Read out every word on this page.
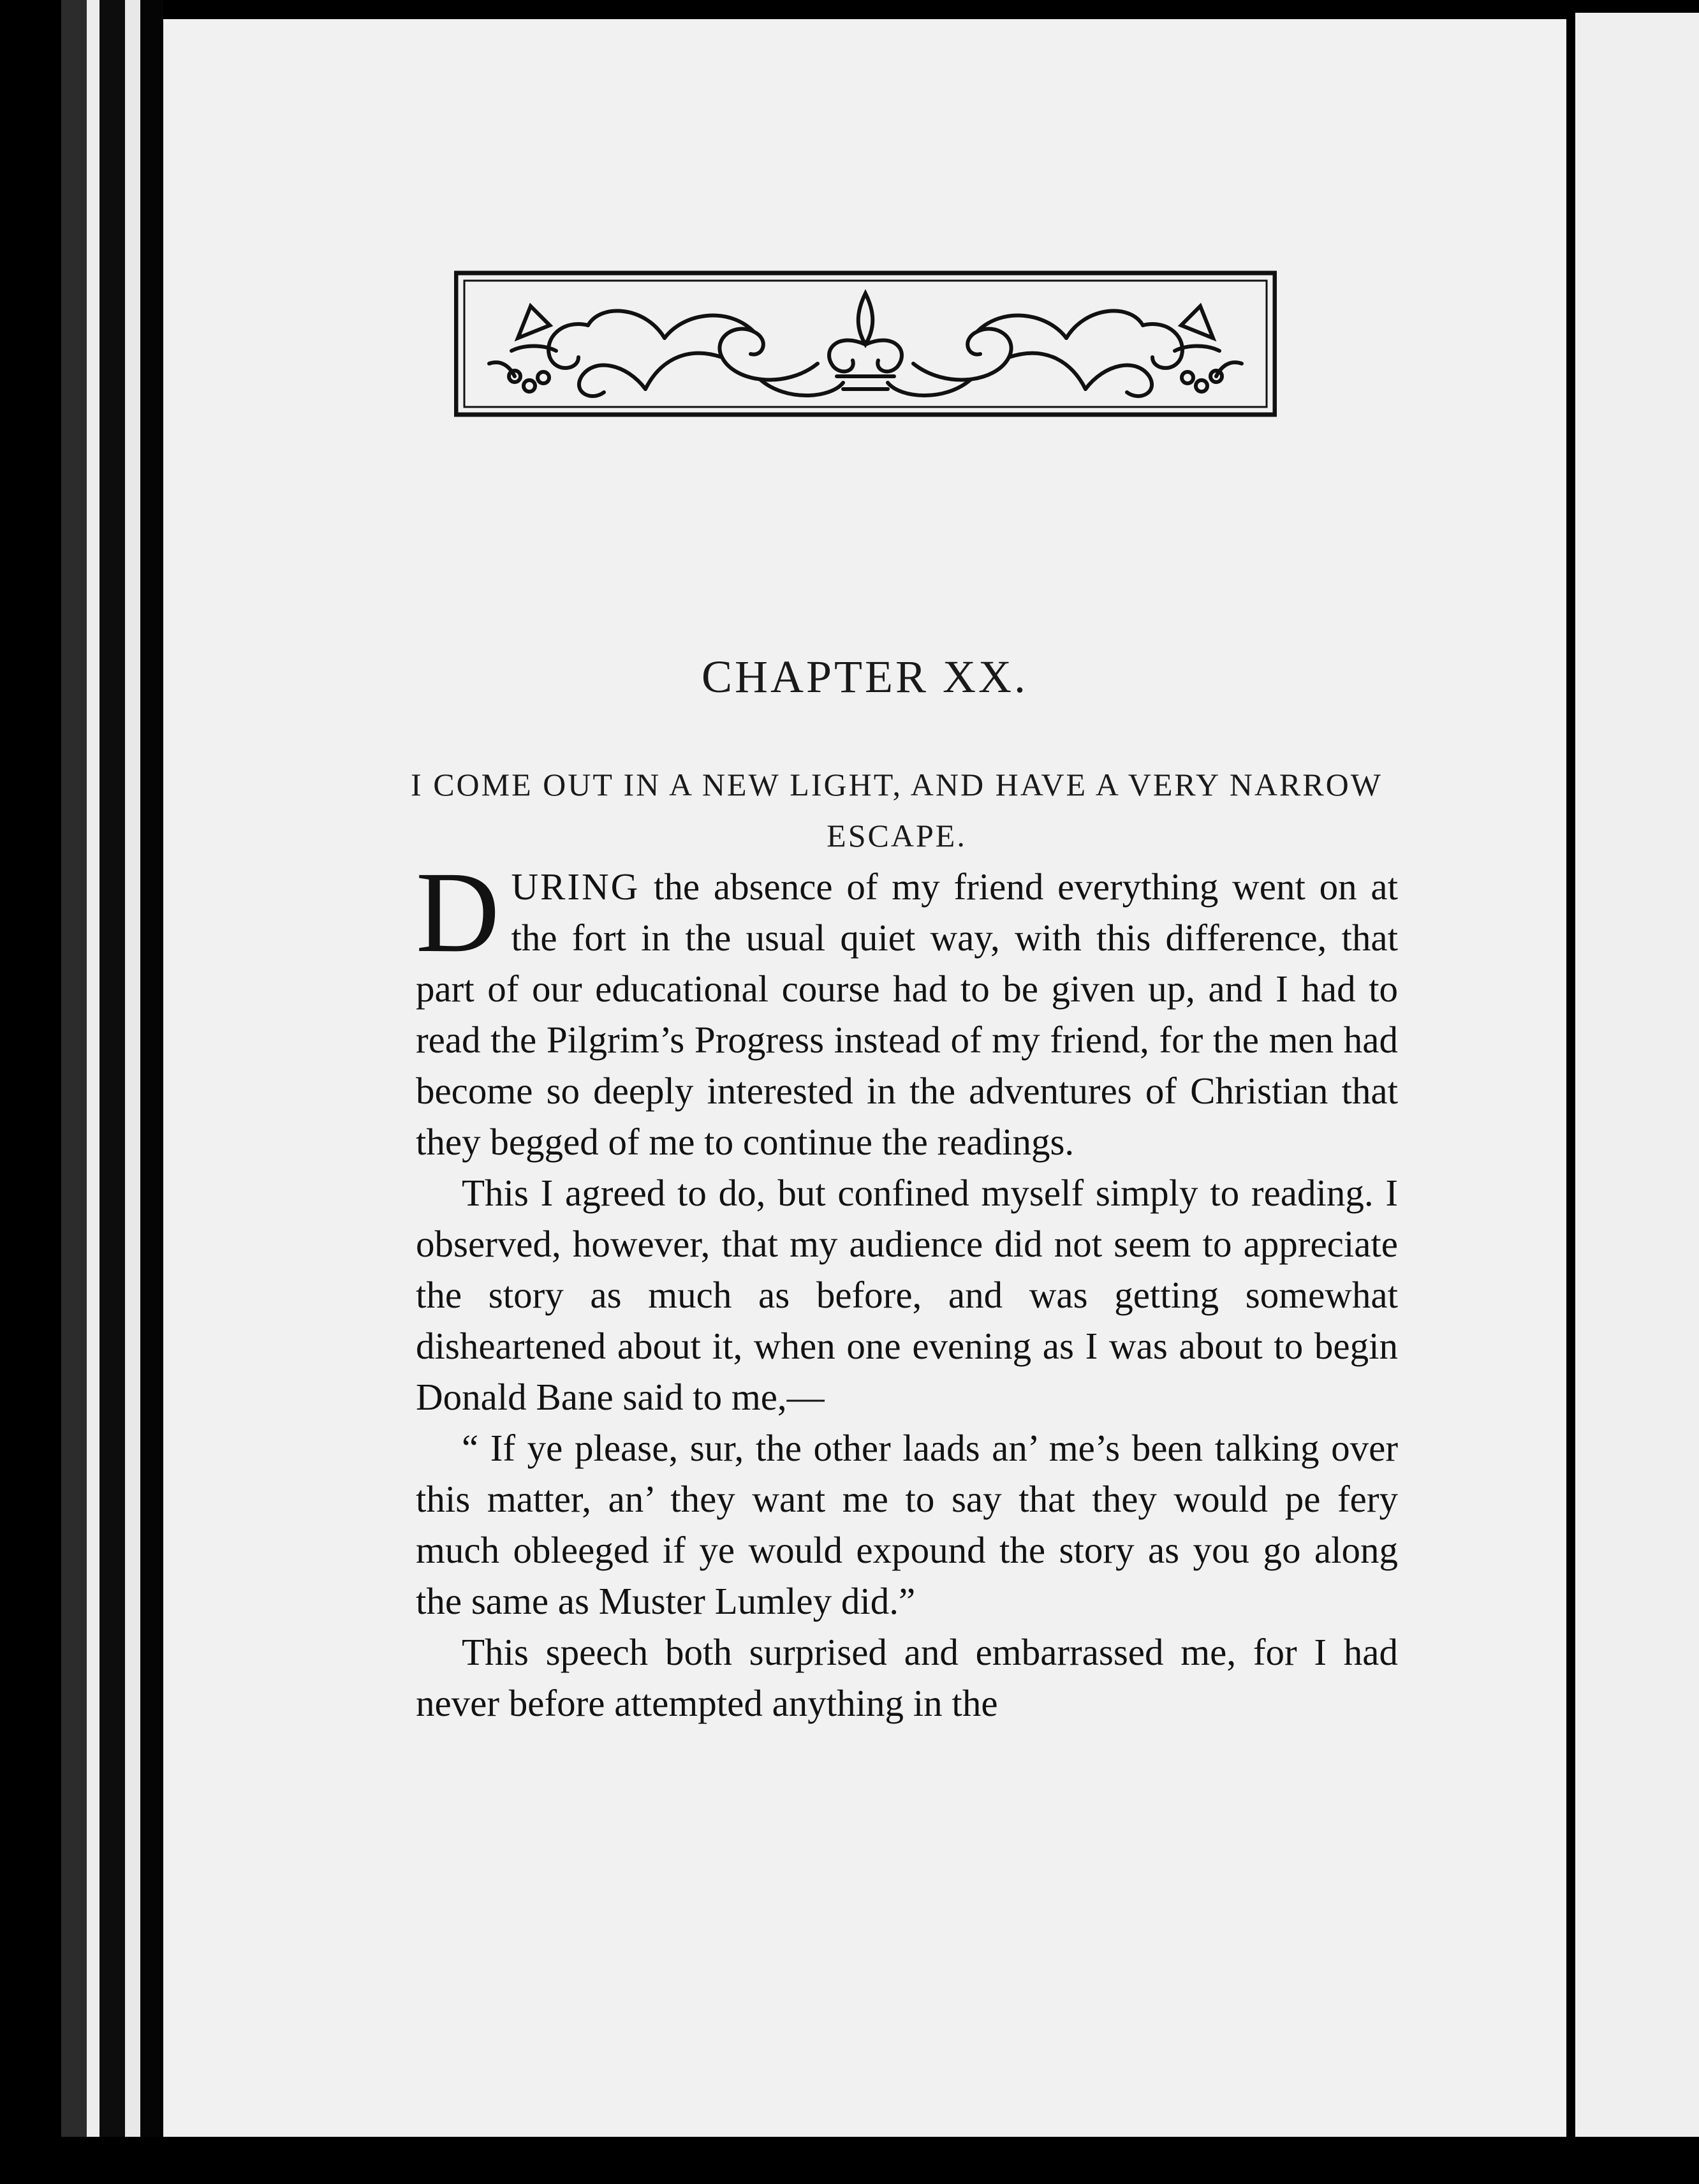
CHAPTER XX.
I COME OUT IN A NEW LIGHT, AND HAVE A VERY NARROW ESCAPE.

DURING the absence of my friend everything went on at the fort in the usual quiet way, with this difference, that part of our educational course had to be given up, and I had to read the Pilgrim’s Progress instead of my friend, for the men had become so deeply interested in the adventures of Christian that they begged of me to continue the readings.

This I agreed to do, but confined myself simply to reading. I observed, however, that my audience did not seem to appreciate the story as much as before, and was getting somewhat disheartened about it, when one evening as I was about to begin Donald Bane said to me,—

“ If ye please, sur, the other laads an’ me’s been talking over this matter, an’ they want me to say that they would pe fery much obleeged if ye would expound the story as you go along the same as Muster Lumley did.”

This speech both surprised and embarrassed me, for I had never before attempted anything in the
